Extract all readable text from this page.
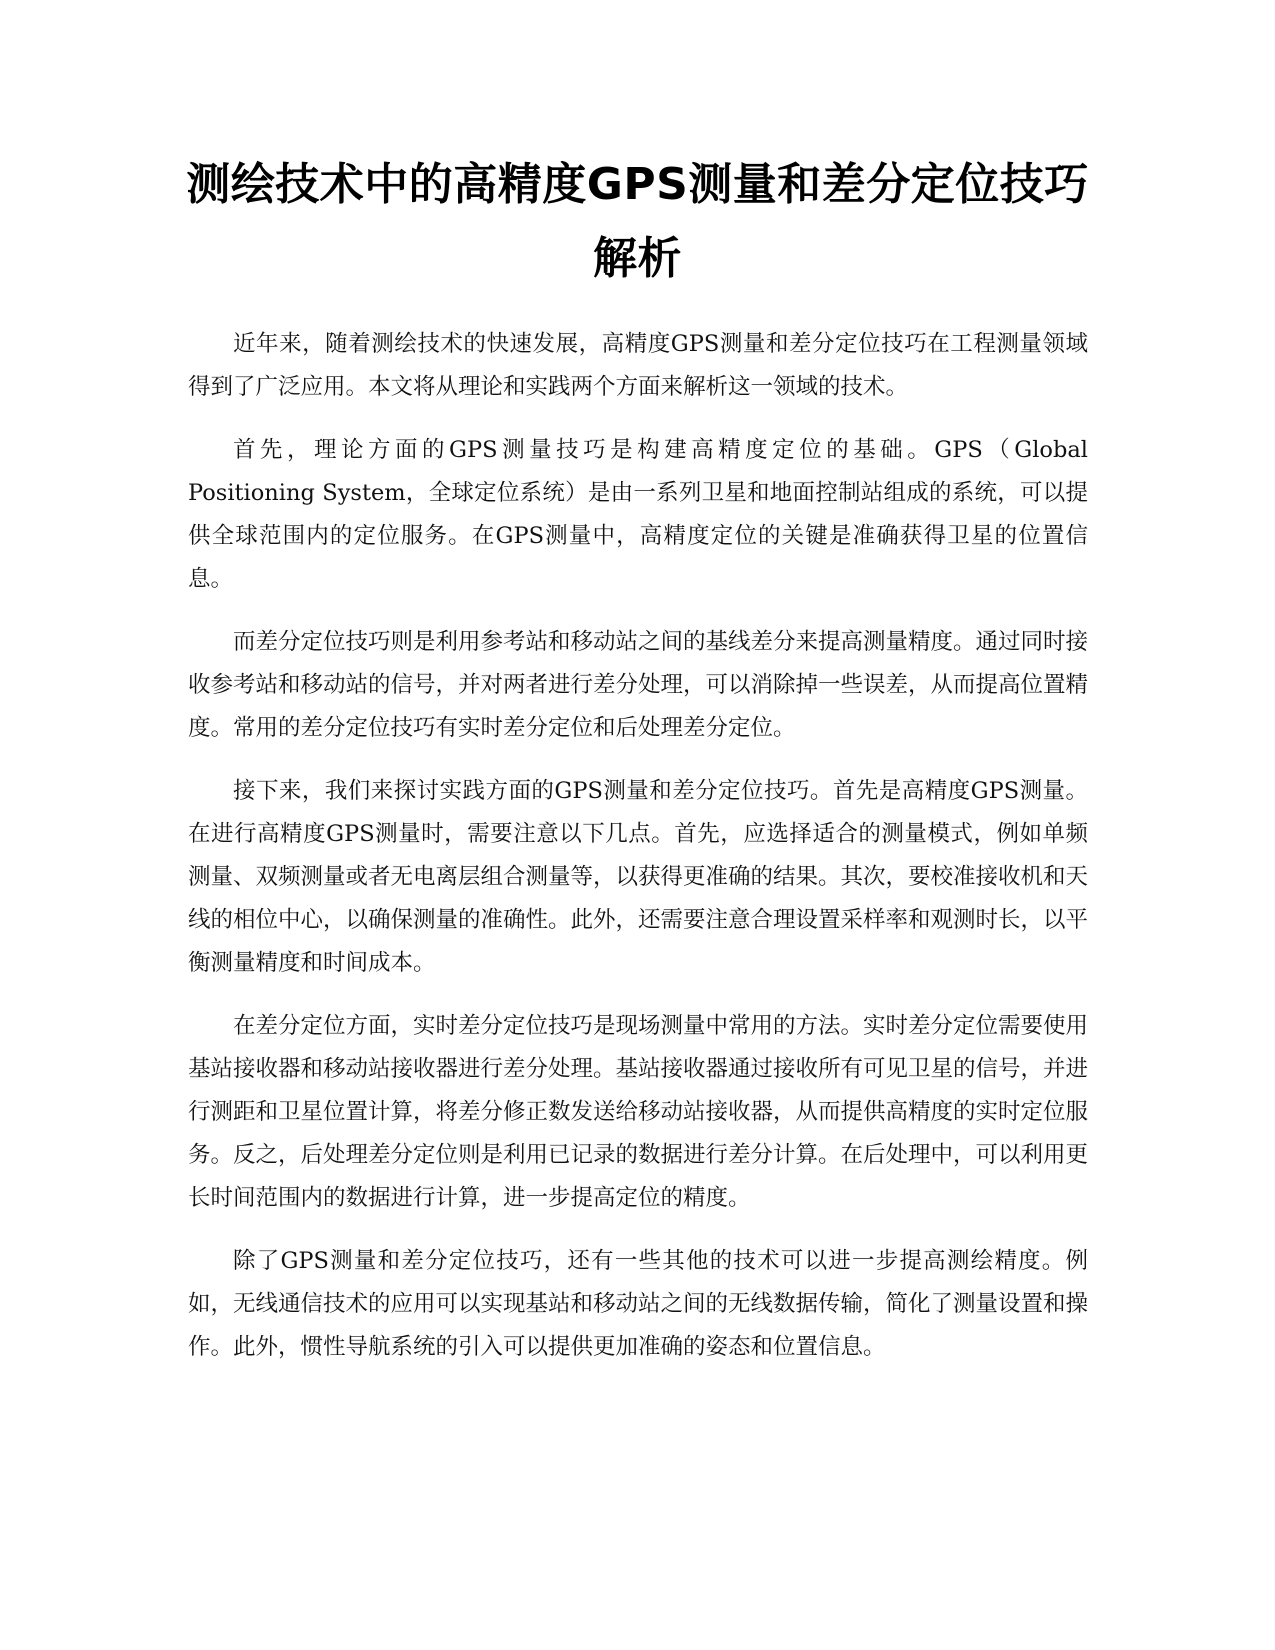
测绘技术中的高精度GPS测量和差分定位技巧解析

近年来，随着测绘技术的快速发展，高精度GPS测量和差分定位技巧在工程测量领域得到了广泛应用。本文将从理论和实践两个方面来解析这一领域的技术。

首先，理论方面的GPS测量技巧是构建高精度定位的基础。GPS（Global Positioning System，全球定位系统）是由一系列卫星和地面控制站组成的系统，可以提供全球范围内的定位服务。在GPS测量中，高精度定位的关键是准确获得卫星的位置信息。

而差分定位技巧则是利用参考站和移动站之间的基线差分来提高测量精度。通过同时接收参考站和移动站的信号，并对两者进行差分处理，可以消除掉一些误差，从而提高位置精度。常用的差分定位技巧有实时差分定位和后处理差分定位。

接下来，我们来探讨实践方面的GPS测量和差分定位技巧。首先是高精度GPS测量。在进行高精度GPS测量时，需要注意以下几点。首先，应选择适合的测量模式，例如单频测量、双频测量或者无电离层组合测量等，以获得更准确的结果。其次，要校准接收机和天线的相位中心，以确保测量的准确性。此外，还需要注意合理设置采样率和观测时长，以平衡测量精度和时间成本。

在差分定位方面，实时差分定位技巧是现场测量中常用的方法。实时差分定位需要使用基站接收器和移动站接收器进行差分处理。基站接收器通过接收所有可见卫星的信号，并进行测距和卫星位置计算，将差分修正数发送给移动站接收器，从而提供高精度的实时定位服务。反之，后处理差分定位则是利用已记录的数据进行差分计算。在后处理中，可以利用更长时间范围内的数据进行计算，进一步提高定位的精度。

除了GPS测量和差分定位技巧，还有一些其他的技术可以进一步提高测绘精度。例如，无线通信技术的应用可以实现基站和移动站之间的无线数据传输，简化了测量设置和操作。此外，惯性导航系统的引入可以提供更加准确的姿态和位置信息。
